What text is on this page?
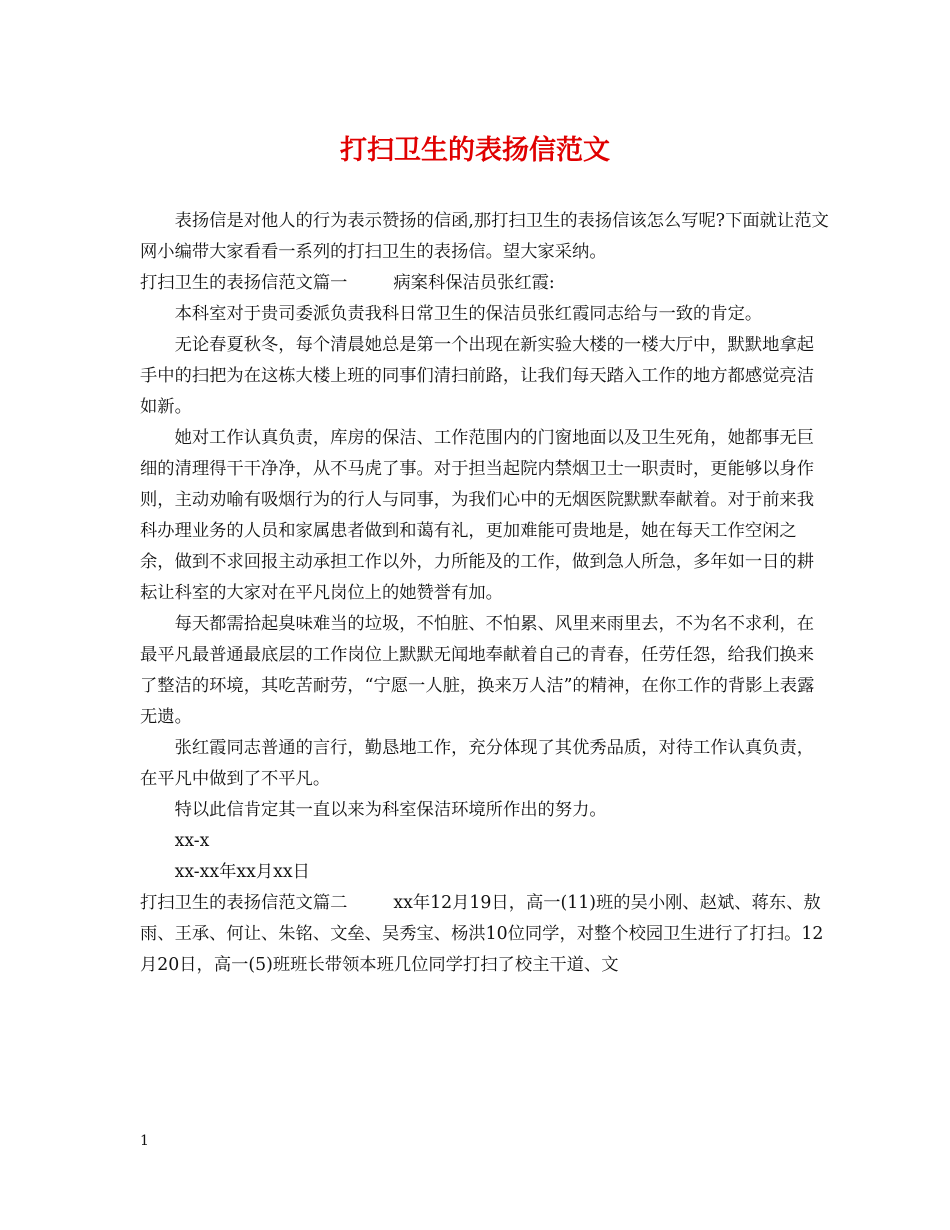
打扫卫生的表扬信范文

表扬信是对他人的行为表示赞扬的信函,那打扫卫生的表扬信该怎么写呢?下面就让范文网小编带大家看看一系列的打扫卫生的表扬信。望大家采纳。

打扫卫生的表扬信范文篇一	病案科保洁员张红霞:

本科室对于贵司委派负责我科日常卫生的保洁员张红霞同志给与一致的肯定。

无论春夏秋冬，每个清晨她总是第一个出现在新实验大楼的一楼大厅中，默默地拿起手中的扫把为在这栋大楼上班的同事们清扫前路，让我们每天踏入工作的地方都感觉亮洁如新。

她对工作认真负责，库房的保洁、工作范围内的门窗地面以及卫生死角，她都事无巨细的清理得干干净净，从不马虎了事。对于担当起院内禁烟卫士一职责时，更能够以身作则，主动劝喻有吸烟行为的行人与同事，为我们心中的无烟医院默默奉献着。对于前来我科办理业务的人员和家属患者做到和蔼有礼，更加难能可贵地是，她在每天工作空闲之余，做到不求回报主动承担工作以外，力所能及的工作，做到急人所急，多年如一日的耕耘让科室的大家对在平凡岗位上的她赞誉有加。

每天都需拾起臭味难当的垃圾，不怕脏、不怕累、风里来雨里去，不为名不求利，在最平凡最普通最底层的工作岗位上默默无闻地奉献着自己的青春，任劳任怨，给我们换来了整洁的环境，其吃苦耐劳，“宁愿一人脏，换来万人洁”的精神，在你工作的背影上表露无遗。

张红霞同志普通的言行，勤恳地工作，充分体现了其优秀品质，对待工作认真负责，在平凡中做到了不平凡。

特以此信肯定其一直以来为科室保洁环境所作出的努力。

xx-x

xx-xx年xx月xx日

打扫卫生的表扬信范文篇二	xx年12月19日，高一(11)班的吴小刚、赵斌、蒋东、敖雨、王承、何让、朱铭、文垒、吴秀宝、杨洪10位同学，对整个校园卫生进行了打扫。12月20日，高一(5)班班长带领本班几位同学打扫了校主干道、文

1
